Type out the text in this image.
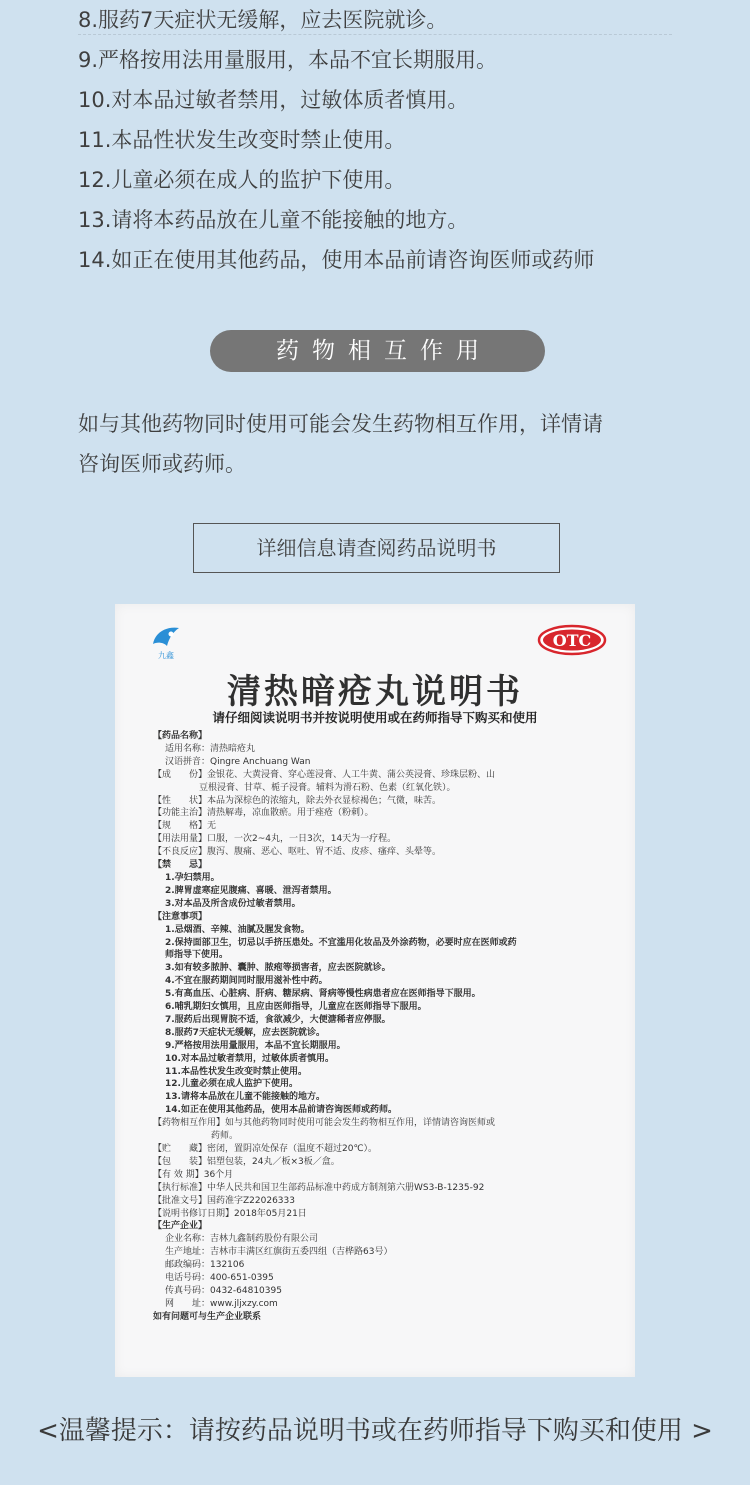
8.服药7天症状无缓解，应去医院就诊。
9.严格按用法用量服用，本品不宜长期服用。
10.对本品过敏者禁用，过敏体质者慎用。
11.本品性状发生改变时禁止使用。
12.儿童必须在成人的监护下使用。
13.请将本药品放在儿童不能接触的地方。
14.如正在使用其他药品，使用本品前请咨询医师或药师
药物相互作用
如与其他药物同时使用可能会发生药物相互作用，详情请
咨询医师或药师。
详细信息请查阅药品说明书
九鑫
OTC
清热暗疮丸说明书
请仔细阅读说明书并按说明使用或在药师指导下购买和使用
【药品名称】
适用名称：清热暗疮丸
汉语拼音：Qingre Anchuang Wan
【成　　份】金银花、大黄浸膏、穿心莲浸膏、人工牛黄、蒲公英浸膏、珍珠层粉、山
豆根浸膏、甘草、栀子浸膏。辅料为滑石粉、色素（红氧化铁）。
【性　　状】本品为深棕色的浓缩丸，除去外衣显棕褐色；气微，味苦。
【功能主治】清热解毒，凉血散瘀。用于痤疮（粉刺）。
【规　　格】无
【用法用量】口服，一次2~4丸，一日3次，14天为一疗程。
【不良反应】腹泻、腹痛、恶心、呕吐、胃不适、皮疹、瘙痒、头晕等。
【禁　　忌】
1.孕妇禁用。
2.脾胃虚寒症见腹痛、喜暖、泄泻者禁用。
3.对本品及所含成份过敏者禁用。
【注意事项】
1.忌烟酒、辛辣、油腻及腥发食物。
2.保持面部卫生，切忌以手挤压患处。不宜滥用化妆品及外涂药物，必要时应在医师或药
师指导下使用。
3.如有较多脓肿、囊肿、脓疱等损害者，应去医院就诊。
4.不宜在服药期间同时服用滋补性中药。
5.有高血压、心脏病、肝病、糖尿病、肾病等慢性病患者应在医师指导下服用。
6.哺乳期妇女慎用，且应由医师指导，儿童应在医师指导下服用。
7.服药后出现胃脘不适，食欲减少，大便溏稀者应停服。
8.服药7天症状无缓解，应去医院就诊。
9.严格按用法用量服用，本品不宜长期服用。
10.对本品过敏者禁用，过敏体质者慎用。
11.本品性状发生改变时禁止使用。
12.儿童必须在成人监护下使用。
13.请将本品放在儿童不能接触的地方。
14.如正在使用其他药品，使用本品前请咨询医师或药师。
【药物相互作用】如与其他药物同时使用可能会发生药物相互作用，详情请咨询医师或
药师。
【贮　　藏】密闭，置阴凉处保存（温度不超过20℃）。
【包　　装】铝塑包装，24丸／板×3板／盒。
【有 效 期】36个月
【执行标准】中华人民共和国卫生部药品标准中药成方制剂第六册WS3-B-1235-92
【批准文号】国药准字Z22026333
【说明书修订日期】2018年05月21日
【生产企业】
企业名称：吉林九鑫制药股份有限公司
生产地址：吉林市丰满区红旗街五委四组（吉桦路63号）
邮政编码：132106
电话号码：400-651-0395
传真号码：0432-64810395
网　　址：www.jljxzy.com
如有问题可与生产企业联系
<温馨提示：请按药品说明书或在药师指导下购买和使用 >
